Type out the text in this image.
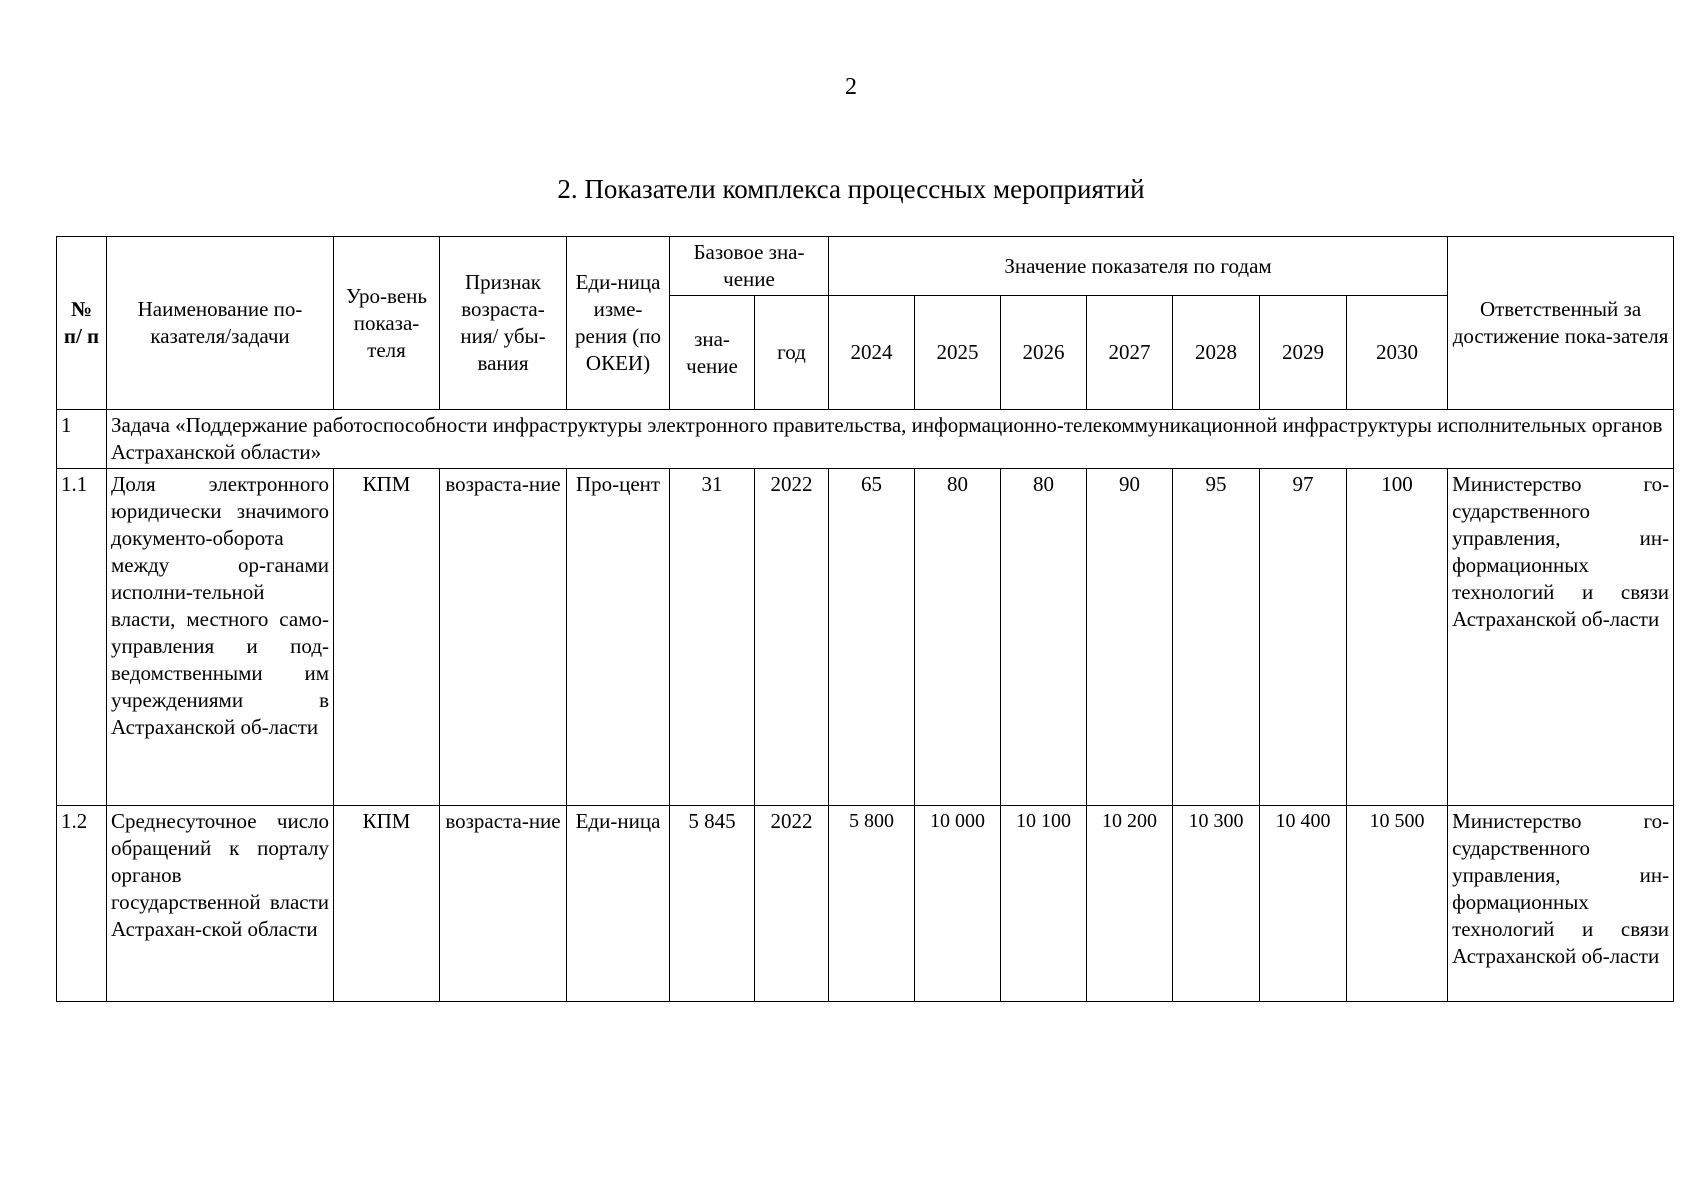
2
2. Показатели комплекса процессных мероприятий
№ п/ п	Наименование по-казателя/задачи	Уро-вень показа-теля	Признак возраста-ния/ убы-вания	Еди-ница изме-рения (по ОКЕИ)	Базовое зна-чение		Значение показателя по годам							Ответственный за достижение пока-зателя
					зна-чение	год	2024	2025	2026	2027	2028	2029	2030	
1	Задача «Поддержание работоспособности инфраструктуры электронного правительства, информационно-телекоммуникационной инфраструктуры исполнительных органов Астраханской области»													
1.1	Доля электронного юридически значимого документо-оборота между ор-ганами исполни-тельной власти, местного само-управления и под-ведомственными им учреждениями в Астраханской об-ласти	КПМ	возраста-ние	Про-цент	31	2022	65	80	80	90	95	97	100	Министерство го-сударственного управления, ин-формационных технологий и связи Астраханской об-ласти
1.2	Среднесуточное число обращений к порталу органов государственной власти Астрахан-ской области	КПМ	возраста-ние	Еди-ница	5 845	2022	5 800	10 000	10 100	10 200	10 300	10 400	10 500	Министерство го-сударственного управления, ин-формационных технологий и связи Астраханской об-ласти
